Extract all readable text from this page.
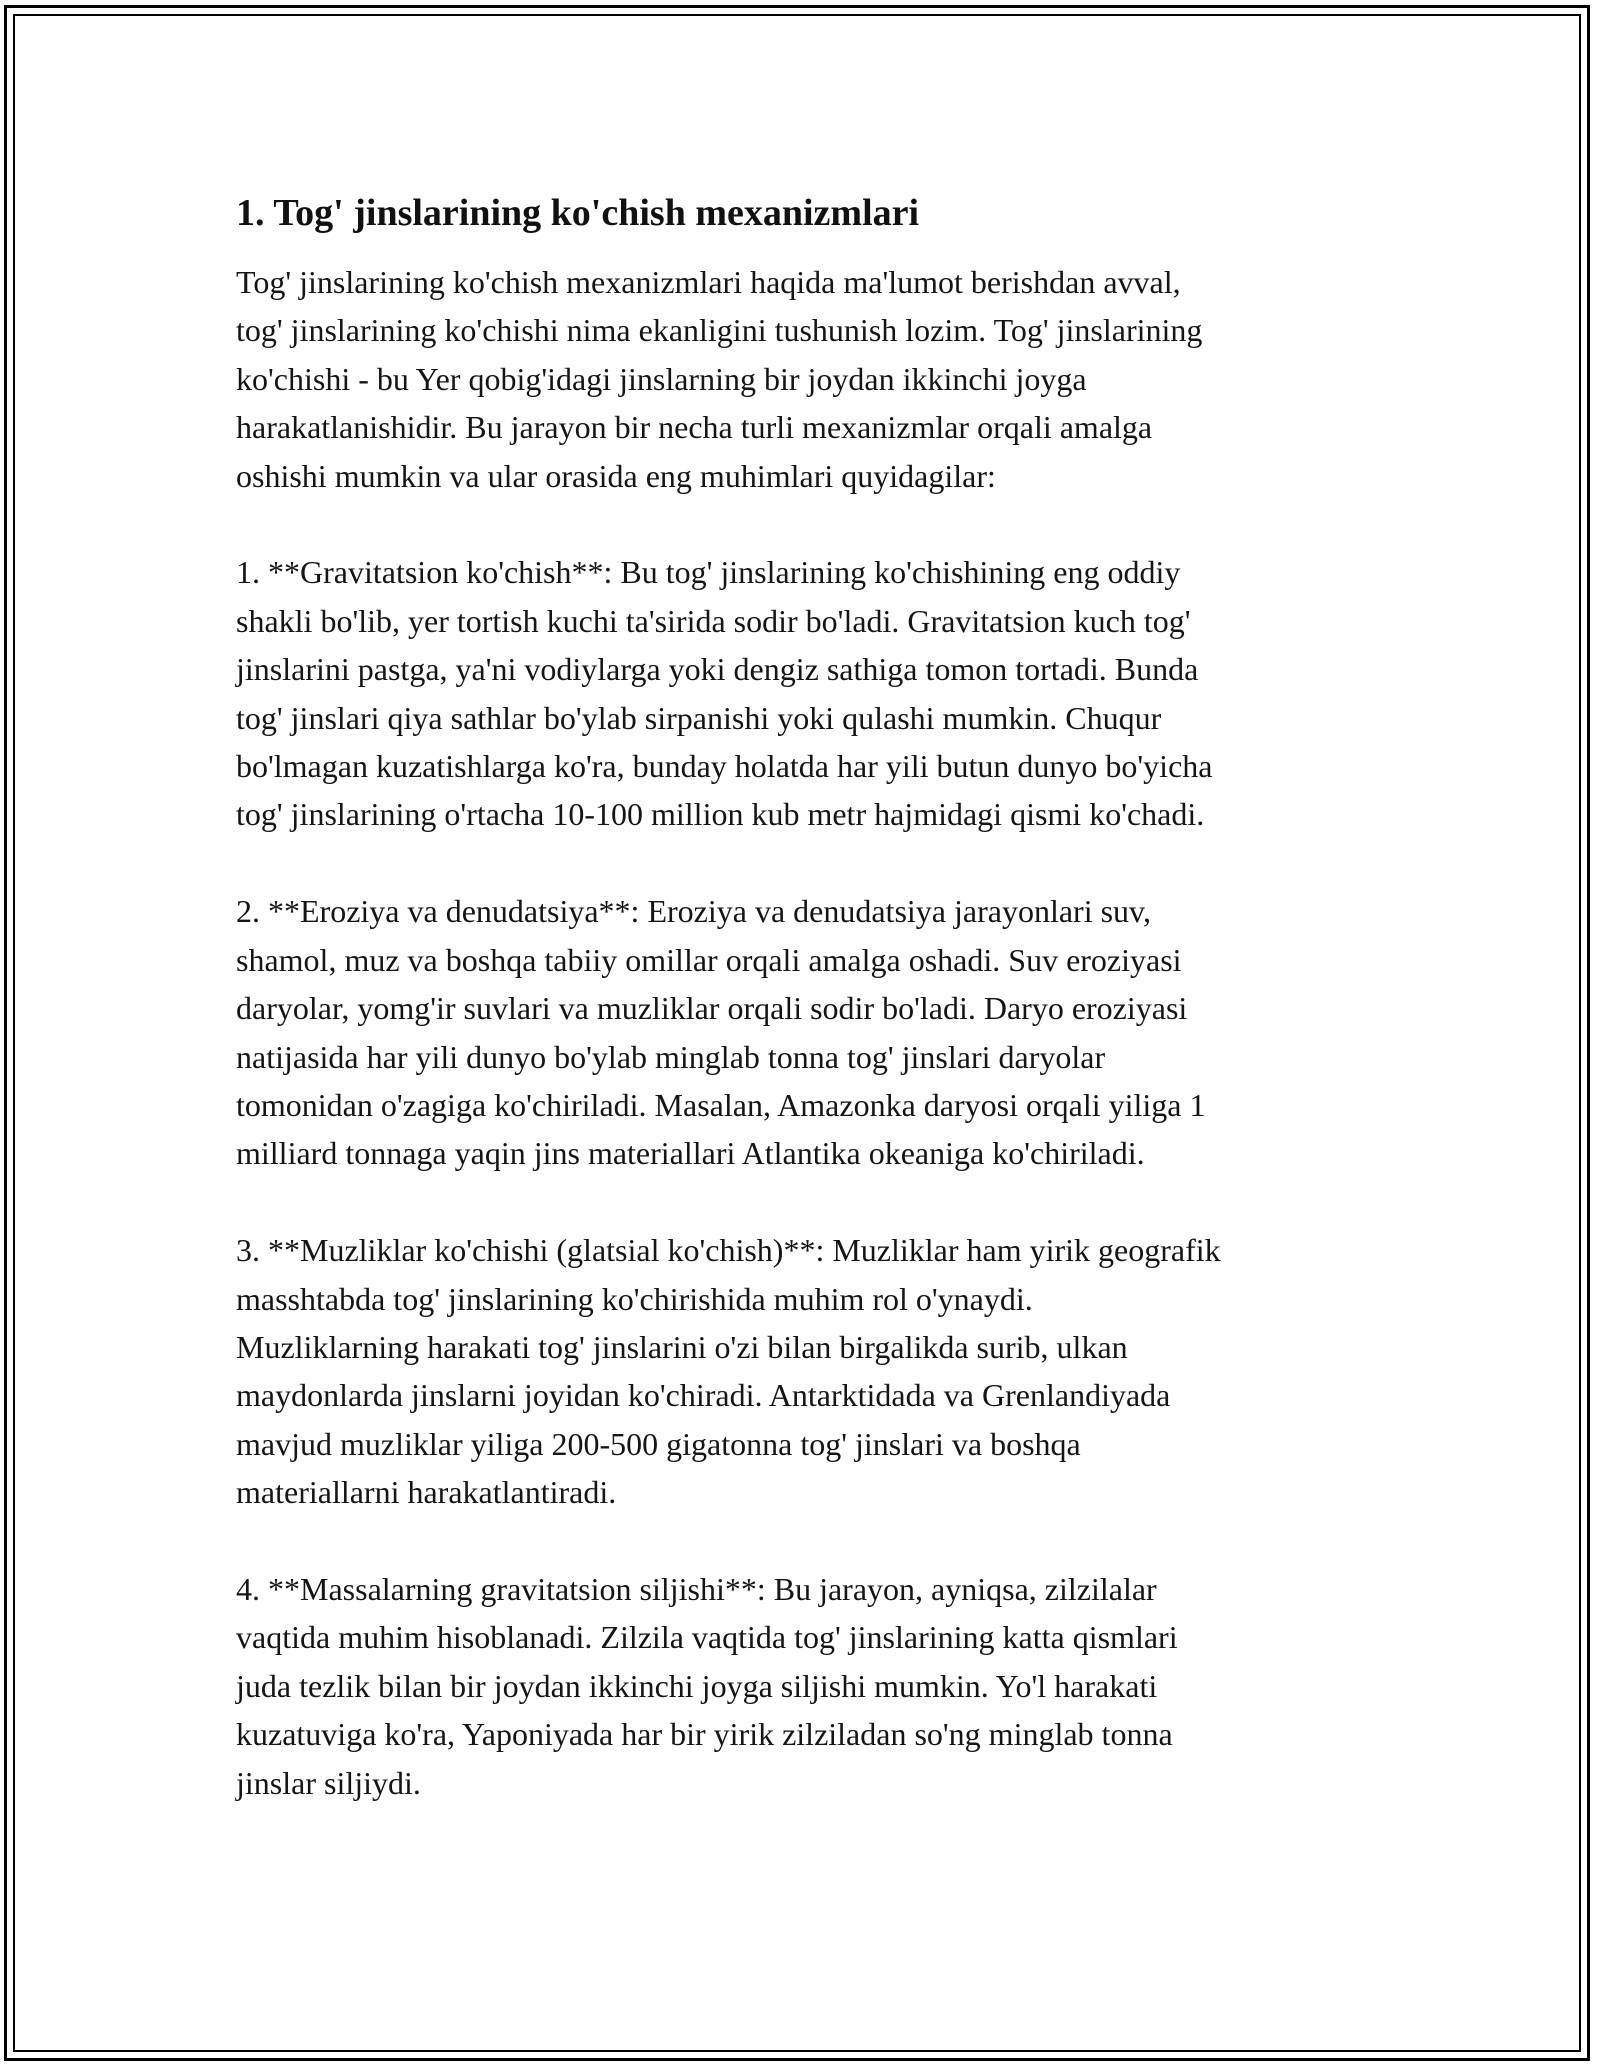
1. Tog' jinslarining ko'chish mexanizmlari
Tog' jinslarining ko'chish mexanizmlari haqida ma'lumot berishdan avval,
tog' jinslarining ko'chishi nima ekanligini tushunish lozim. Tog' jinslarining
ko'chishi - bu Yer qobig'idagi jinslarning bir joydan ikkinchi joyga
harakatlanishidir. Bu jarayon bir necha turli mexanizmlar orqali amalga
oshishi mumkin va ular orasida eng muhimlari quyidagilar:

1. **Gravitatsion ko'chish**: Bu tog' jinslarining ko'chishining eng oddiy
shakli bo'lib, yer tortish kuchi ta'sirida sodir bo'ladi. Gravitatsion kuch tog'
jinslarini pastga, ya'ni vodiylarga yoki dengiz sathiga tomon tortadi. Bunda
tog' jinslari qiya sathlar bo'ylab sirpanishi yoki qulashi mumkin. Chuqur
bo'lmagan kuzatishlarga ko'ra, bunday holatda har yili butun dunyo bo'yicha
tog' jinslarining o'rtacha 10-100 million kub metr hajmidagi qismi ko'chadi.

2. **Eroziya va denudatsiya**: Eroziya va denudatsiya jarayonlari suv,
shamol, muz va boshqa tabiiy omillar orqali amalga oshadi. Suv eroziyasi
daryolar, yomg'ir suvlari va muzliklar orqali sodir bo'ladi. Daryo eroziyasi
natijasida har yili dunyo bo'ylab minglab tonna tog' jinslari daryolar
tomonidan o'zagiga ko'chiriladi. Masalan, Amazonka daryosi orqali yiliga 1
milliard tonnaga yaqin jins materiallari Atlantika okeaniga ko'chiriladi.

3. **Muzliklar ko'chishi (glatsial ko'chish)**: Muzliklar ham yirik geografik
masshtabda tog' jinslarining ko'chirishida muhim rol o'ynaydi.
Muzliklarning harakati tog' jinslarini o'zi bilan birgalikda surib, ulkan
maydonlarda jinslarni joyidan ko'chiradi. Antarktidada va Grenlandiyada
mavjud muzliklar yiliga 200-500 gigatonna tog' jinslari va boshqa
materiallarni harakatlantiradi.

4. **Massalarning gravitatsion siljishi**: Bu jarayon, ayniqsa, zilzilalar
vaqtida muhim hisoblanadi. Zilzila vaqtida tog' jinslarining katta qismlari
juda tezlik bilan bir joydan ikkinchi joyga siljishi mumkin. Yo'l harakati
kuzatuviga ko'ra, Yaponiyada har bir yirik zilziladan so'ng minglab tonna
jinslar siljiydi.
